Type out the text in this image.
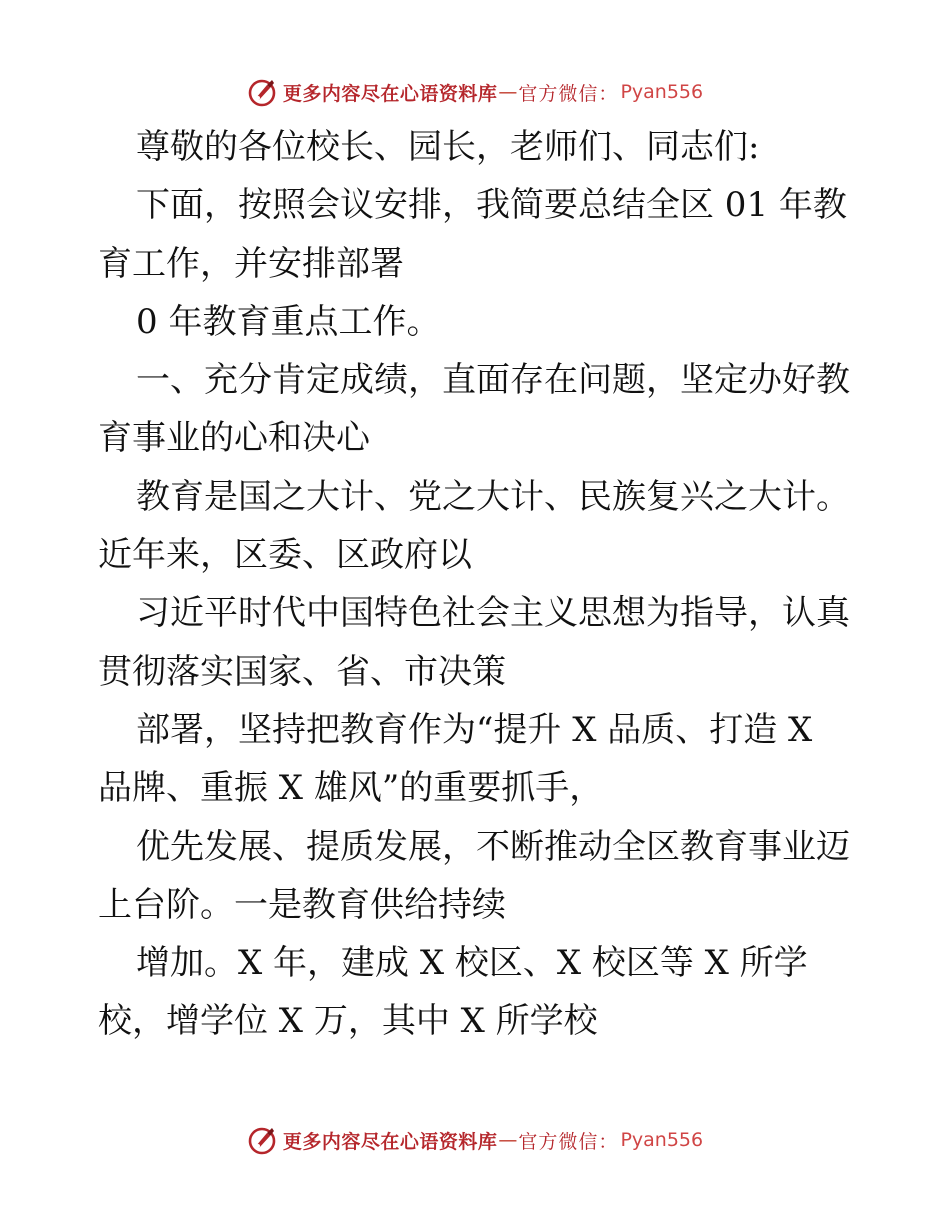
更多内容尽在心语资料库 — 官方微信： Pyan556

尊敬的各位校长、园长，老师们、同志们:

下面，按照会议安排，我简要总结全区 01 年教

育工作，并安排部署

0 年教育重点工作。

一、充分肯定成绩，直面存在问题，坚定办好教

育事业的心和决心

教育是国之大计、党之大计、民族复兴之大计。

近年来，区委、区政府以

习近平时代中国特色社会主义思想为指导，认真

贯彻落实国家、省、市决策

部署，坚持把教育作为“提升 X 品质、打造 X

品牌、重振 X 雄风”的重要抓手，

优先发展、提质发展，不断推动全区教育事业迈

上台阶。一是教育供给持续

增加。X 年，建成 X 校区、X 校区等 X 所学

校，增学位 X 万，其中 X 所学校

更多内容尽在心语资料库 — 官方微信： Pyan556
